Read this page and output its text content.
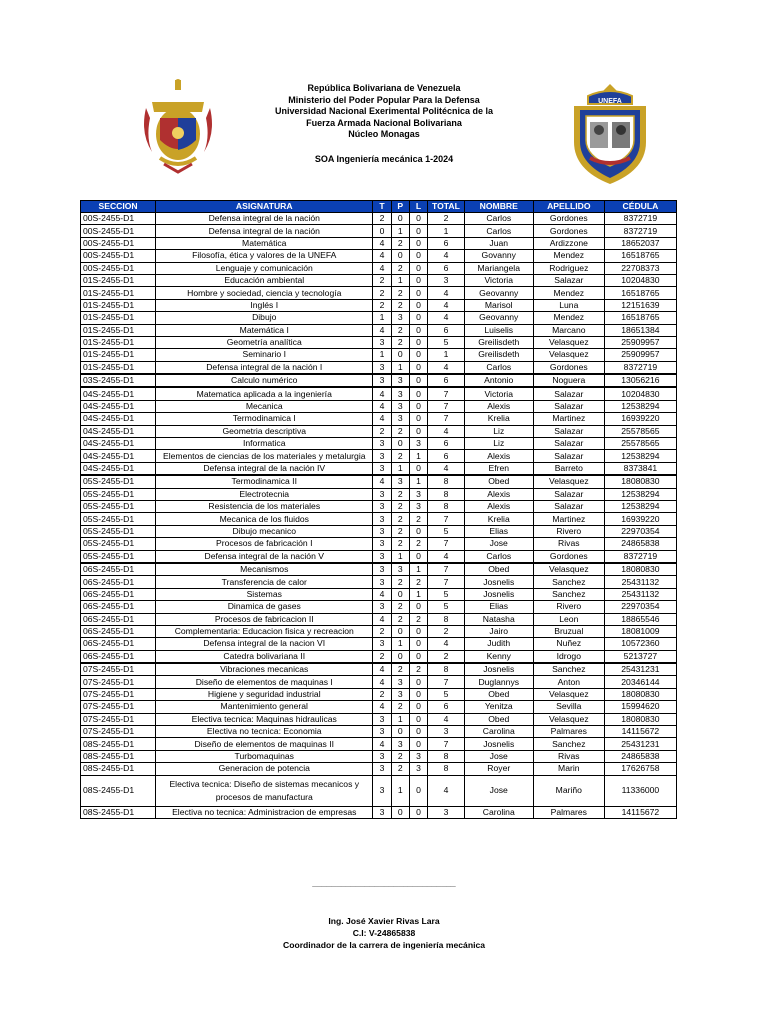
República Bolivariana de Venezuela
Ministerio del Poder Popular Para la Defensa
Universidad Nacional Exerimental Politécnica de la
Fuerza Armada Nacional Bolivariana
Núcleo Monagas
SOA Ingeniería mecánica 1-2024
UNEFA
SECCION	ASIGNATURA	T	P	L	TOTAL	NOMBRE	APELLIDO	CÉDULA
00S-2455-D1	Defensa integral de la nación	2	0	0	2	Carlos	Gordones	8372719
00S-2455-D1	Defensa integral de la nación	0	1	0	1	Carlos	Gordones	8372719
00S-2455-D1	Matemática	4	2	0	6	Juan	Ardizzone	18652037
00S-2455-D1	Filosofía, ética y valores de la UNEFA	4	0	0	4	Govanny	Mendez	16518765
00S-2455-D1	Lenguaje y comunicación	4	2	0	6	Mariangela	Rodriguez	22708373
01S-2455-D1	Educación ambiental	2	1	0	3	Victoria	Salazar	10204830
01S-2455-D1	Hombre y sociedad, ciencia y tecnología	2	2	0	4	Geovanny	Mendez	16518765
01S-2455-D1	Inglés I	2	2	0	4	Marisol	Luna	12151639
01S-2455-D1	Dibujo	1	3	0	4	Geovanny	Mendez	16518765
01S-2455-D1	Matemática I	4	2	0	6	Luiselis	Marcano	18651384
01S-2455-D1	Geometría analítica	3	2	0	5	Greilisdeth	Velasquez	25909957
01S-2455-D1	Seminario I	1	0	0	1	Greilisdeth	Velasquez	25909957
01S-2455-D1	Defensa integral de la nación I	3	1	0	4	Carlos	Gordones	8372719
03S-2455-D1	Calculo numérico	3	3	0	6	Antonio	Noguera	13056216
04S-2455-D1	Matematica aplicada a la ingeniería	4	3	0	7	Victoria	Salazar	10204830
04S-2455-D1	Mecanica	4	3	0	7	Alexis	Salazar	12538294
04S-2455-D1	Termodinamica I	4	3	0	7	Krelia	Martinez	16939220
04S-2455-D1	Geometria descriptiva	2	2	0	4	Liz	Salazar	25578565
04S-2455-D1	Informatica	3	0	3	6	Liz	Salazar	25578565
04S-2455-D1	Elementos de ciencias de los materiales y metalurgia	3	2	1	6	Alexis	Salazar	12538294
04S-2455-D1	Defensa integral de la nación IV	3	1	0	4	Efren	Barreto	8373841
05S-2455-D1	Termodinamica II	4	3	1	8	Obed	Velasquez	18080830
05S-2455-D1	Electrotecnia	3	2	3	8	Alexis	Salazar	12538294
05S-2455-D1	Resistencia de los materiales	3	2	3	8	Alexis	Salazar	12538294
05S-2455-D1	Mecanica de los fluidos	3	2	2	7	Krelia	Martinez	16939220
05S-2455-D1	Dibujo mecanico	3	2	0	5	Elias	Rivero	22970354
05S-2455-D1	Procesos de fabricación I	3	2	2	7	Jose	Rivas	24865838
05S-2455-D1	Defensa integral de la nación V	3	1	0	4	Carlos	Gordones	8372719
06S-2455-D1	Mecanismos	3	3	1	7	Obed	Velasquez	18080830
06S-2455-D1	Transferencia de calor	3	2	2	7	Josnelis	Sanchez	25431132
06S-2455-D1	Sistemas	4	0	1	5	Josnelis	Sanchez	25431132
06S-2455-D1	Dinamica de gases	3	2	0	5	Elias	Rivero	22970354
06S-2455-D1	Procesos de fabricacion II	4	2	2	8	Natasha	Leon	18865546
06S-2455-D1	Complementaria: Educacion fisica y recreacion	2	0	0	2	Jairo	Bruzual	18081009
06S-2455-D1	Defensa integral de la nacion VI	3	1	0	4	Judith	Nuñez	10572360
06S-2455-D1	Catedra bolivariana II	2	0	0	2	Kenny	Idrogo	5213727
07S-2455-D1	Vibraciones mecanicas	4	2	2	8	Josnelis	Sanchez	25431231
07S-2455-D1	Diseño de elementos de maquinas I	4	3	0	7	Duglannys	Anton	20346144
07S-2455-D1	Higiene y seguridad industrial	2	3	0	5	Obed	Velasquez	18080830
07S-2455-D1	Mantenimiento general	4	2	0	6	Yenitza	Sevilla	15994620
07S-2455-D1	Electiva tecnica: Maquinas hidraulicas	3	1	0	4	Obed	Velasquez	18080830
07S-2455-D1	Electiva no tecnica: Economia	3	0	0	3	Carolina	Palmares	14115672
08S-2455-D1	Diseño de elementos de maquinas II	4	3	0	7	Josnelis	Sanchez	25431231
08S-2455-D1	Turbomaquinas	3	2	3	8	Jose	Rivas	24865838
08S-2455-D1	Generacion de potencia	3	2	3	8	Royer	Marin	17626758
08S-2455-D1	Electiva tecnica: Diseño de sistemas mecanicos y procesos de manufactura	3	1	0	4	Jose	Mariño	11336000
08S-2455-D1	Electiva no tecnica: Administracion de empresas	3	0	0	3	Carolina	Palmares	14115672
______________________________
Ing. José Xavier Rivas Lara
C.I: V-24865838
Coordinador de la carrera de ingeniería mecánica
